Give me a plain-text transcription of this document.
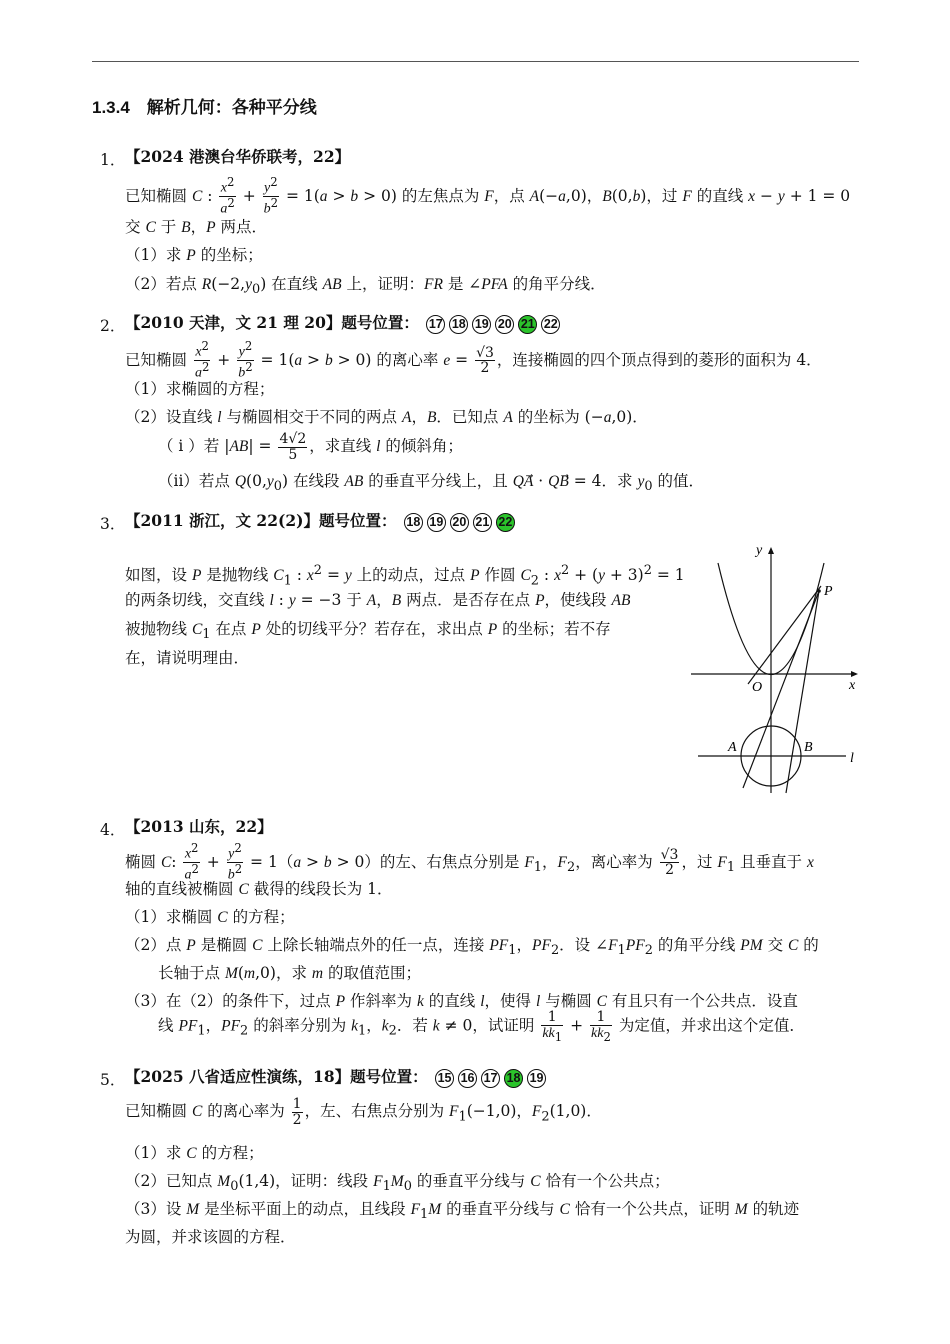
1.3.4　解析几何：各种平分线
1． 【2024 港澳台华侨联考，22】
已知椭圆 C : $\frac{x^2}{a^2} + \frac{y^2}{b^2} = 1(a > b > 0)$ 的左焦点为 F，点 A(−a,0)，B(0,b)，过 F 的直线 x − y + 1 = 0
交 C 于 B，P 两点．
（1）求 P 的坐标；
（2）若点 $R(-2,y_0)$ 在直线 AB 上，证明：FR 是 ∠PFA 的角平分线．
2． 【2010 天津，文 21 理 20】题号位置： 17 18 19 20 21 22
已知椭圆 $\frac{x^2}{a^2} + \frac{y^2}{b^2} = 1(a > b > 0)$ 的离心率 $e = \frac{√3}{2}$ ，连接椭圆的四个顶点得到的菱形的面积为 4．
（1）求椭圆的方程；
（2）设直线 l 与椭圆相交于不同的两点 A，B．已知点 A 的坐标为 (−a,0)．
（ i ）若 $|AB| = \frac{4√2}{5}$ ，求直线 l 的倾斜角；
（ii）若点 $Q(0,y_0)$ 在线段 AB 的垂直平分线上，且 QA⃗ · QB⃗ = 4．求 $y_0$ 的值．
3． 【2011 浙江，文 22(2)】题号位置： 18 19 20 21 22
如图，设 P 是抛物线 $C_1$ : $x^2 = y$ 上的动点，过点 P 作圆 $C_2$ : $x^2 + (y + 3)^2 = 1$
的两条切线，交直线 l : y = −3 于 A，B 两点．是否存在点 P，使线段 AB
被抛物线 $C_1$ 在点 P 处的切线平分？若存在，求出点 P 的坐标；若不存
在，请说明理由．
y
x
O
P
A	B
l
4． 【2013 山东，22】
椭圆 C: $\frac{x^2}{a^2} + \frac{y^2}{b^2} = 1(a > b > 0)$的左、右焦点分别是 $F_1$，$F_2$，离心率为 $\frac{√3}{2}$ ，过 $F_1$ 且垂直于 x
轴的直线被椭圆 C 截得的线段长为 1．
（1）求椭圆 C 的方程；
（2）点 P 是椭圆 C 上除长轴端点外的任一点，连接 $PF_1$，$PF_2$．设 $\angle F_1PF_2$ 的角平分线 PM 交 C 的
长轴于点 M(m,0)，求 m 的取值范围；
（3）在（2）的条件下，过点 P 作斜率为 k 的直线 l，使得 l 与椭圆 C 有且只有一个公共点．设直
线 $PF_1$，$PF_2$ 的斜率分别为 $k_1$，$k_2$．若 k ≠ 0，试证明 $\frac{1}{kk_1} + \frac{1}{kk_2}$ 为定值，并求出这个定值．
5． 【2025 八省适应性演练，18】题号位置： 15 16 17 18 19
已知椭圆 C 的离心率为 $\frac{1}{2}$ ，左、右焦点分别为 $F_1(-1,0)$，$F_2(1,0)$．
（1）求 C 的方程；
（2）已知点 $M_0(1,4)$，证明：线段 $F_1M_0$ 的垂直平分线与 C 恰有一个公共点；
（3）设 M 是坐标平面上的动点，且线段 $F_1M$ 的垂直平分线与 C 恰有一个公共点，证明 M 的轨迹
为圆，并求该圆的方程．
